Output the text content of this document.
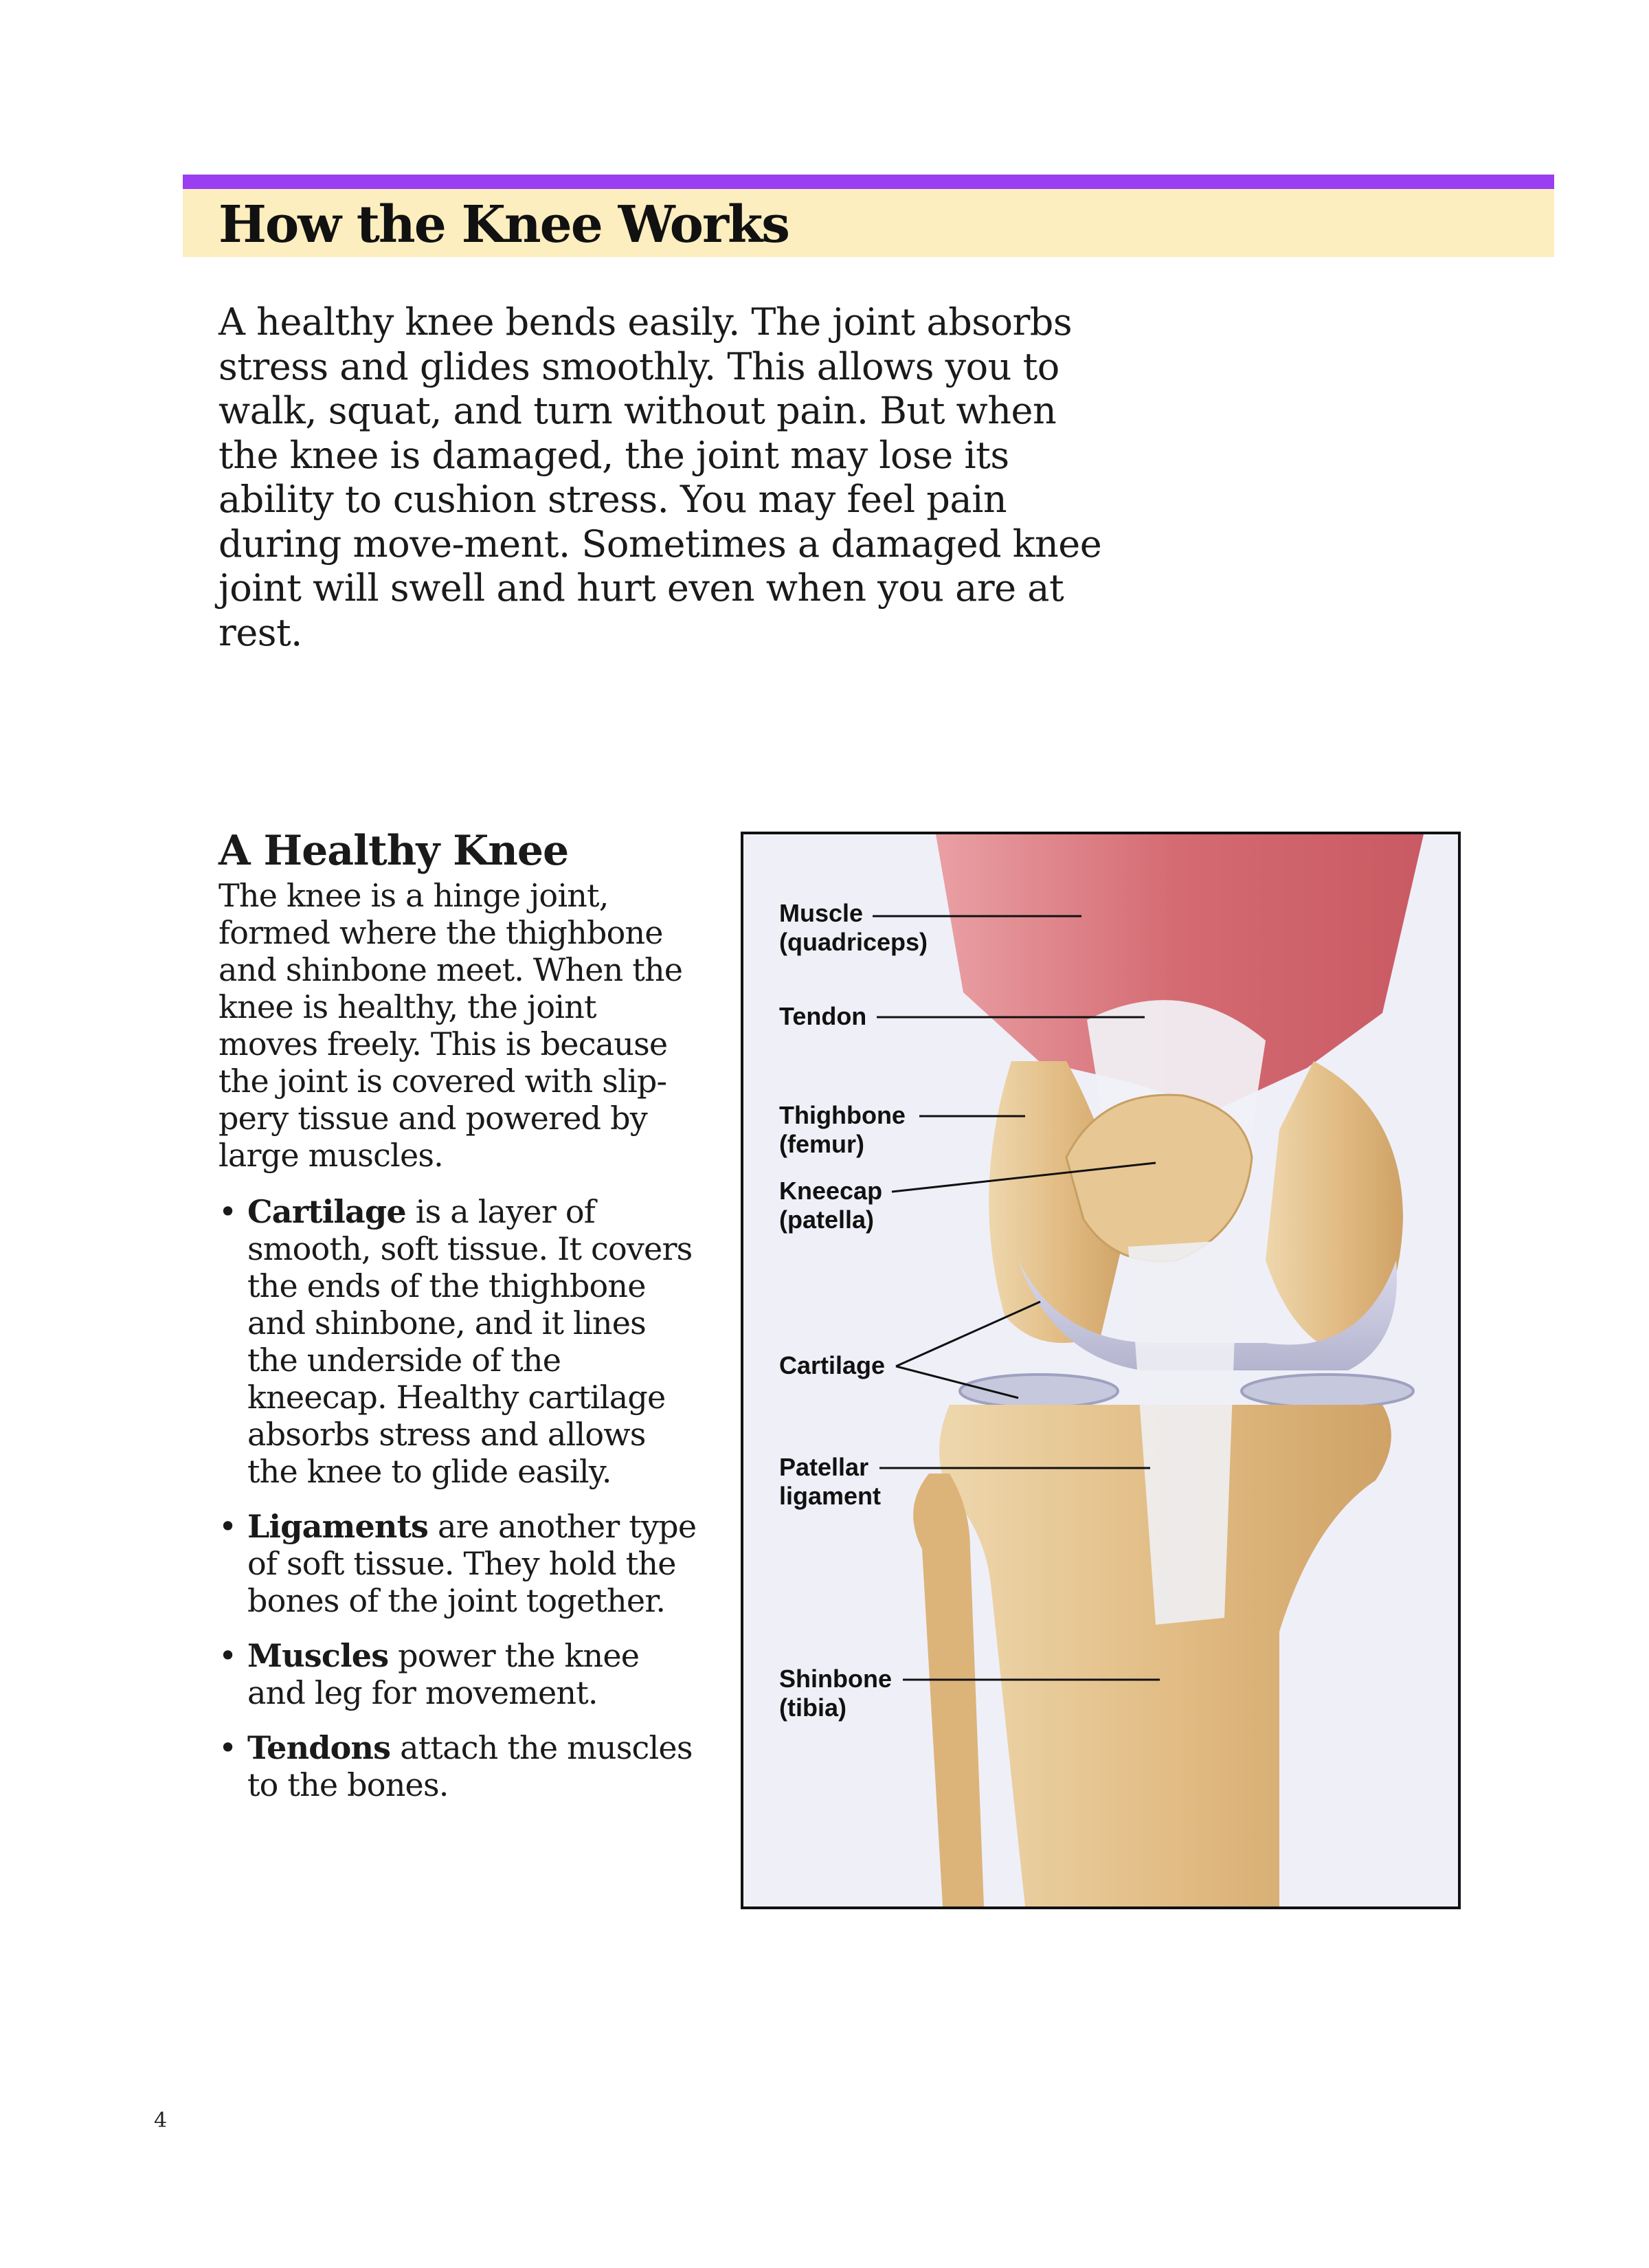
How the Knee Works

A healthy knee bends easily. The joint absorbs stress and glides smoothly. This allows you to walk, squat, and turn without pain. But when the knee is damaged, the joint may lose its ability to cushion stress. You may feel pain during move-ment. Sometimes a damaged knee joint will swell and hurt even when you are at rest.

A Healthy Knee

The knee is a hinge joint, formed where the thighbone and shinbone meet. When the knee is healthy, the joint moves freely. This is because the joint is covered with slip-pery tissue and powered by large muscles.

• Cartilage is a layer of smooth, soft tissue. It covers the ends of the thighbone and shinbone, and it lines the underside of the kneecap. Healthy cartilage absorbs stress and allows the knee to glide easily.
• Ligaments are another type of soft tissue. They hold the bones of the joint together.
• Muscles power the knee and leg for movement.
• Tendons attach the muscles to the bones.
Muscle
(quadriceps)
Tendon
Thighbone
(femur)
Kneecap
(patella)
Cartilage
Patellar
ligament
Shinbone
(tibia)
4
